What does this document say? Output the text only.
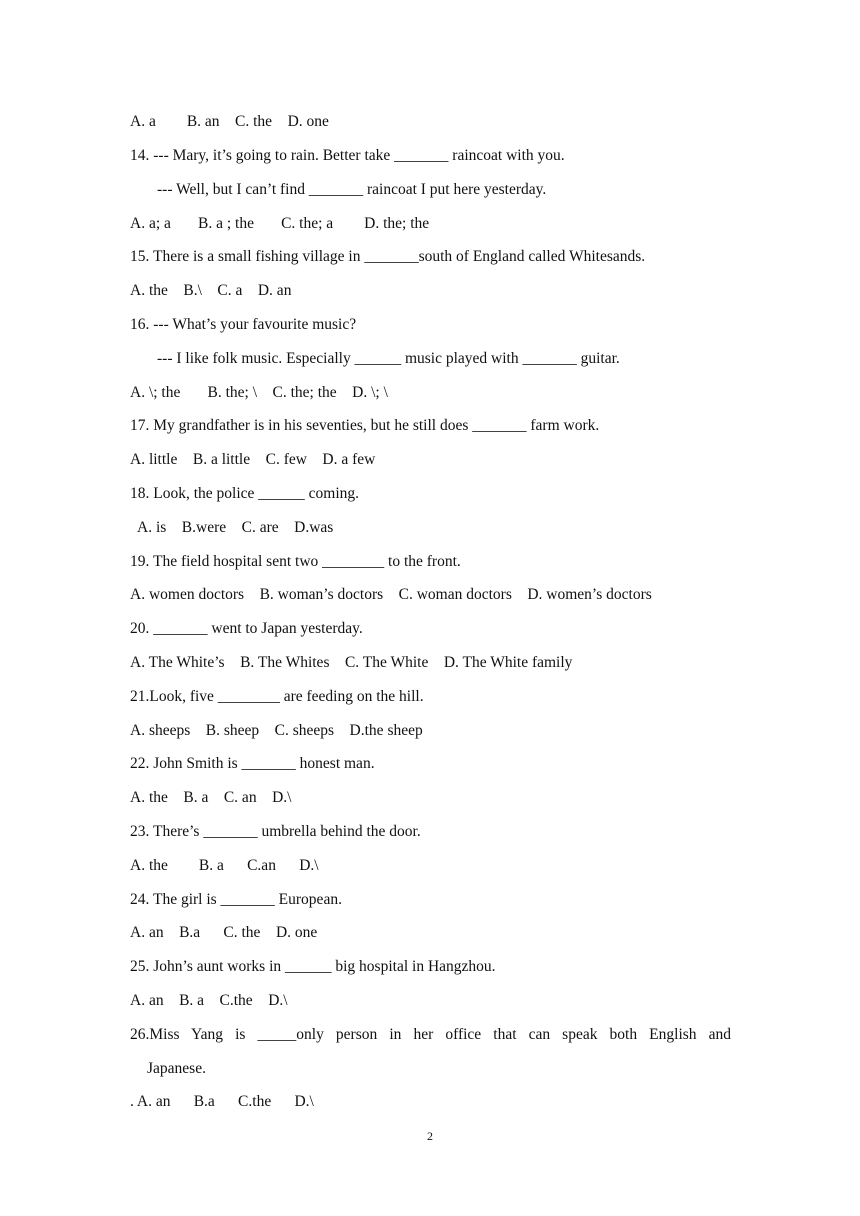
A. a        B. an    C. the    D. one
14. --- Mary, it’s going to rain. Better take _______ raincoat with you.
--- Well, but I can’t find _______ raincoat I put here yesterday.
A. a; a       B. a ; the       C. the; a        D. the; the
15. There is a small fishing village in _______south of England called Whitesands.
A. the    B.\    C. a    D. an
16. --- What’s your favourite music?
--- I like folk music. Especially ______ music played with _______ guitar.
A. \; the       B. the; \    C. the; the    D. \; \
17. My grandfather is in his seventies, but he still does _______ farm work.
A. little    B. a little    C. few    D. a few
18. Look, the police ______ coming.
A. is    B.were    C. are    D.was
19. The field hospital sent two ________ to the front.
A. women doctors    B. woman’s doctors    C. woman doctors    D. women’s doctors
20. _______ went to Japan yesterday.
A. The White’s    B. The Whites    C. The White    D. The White family
21.Look, five ________ are feeding on the hill.
A. sheeps    B. sheep    C. sheeps    D.the sheep
22. John Smith is _______ honest man.
A. the    B. a    C. an    D.\
23. There’s _______ umbrella behind the door.
A. the        B. a      C.an      D.\
24. The girl is _______ European.
A. an    B.a      C. the    D. one
25. John’s aunt works in ______ big hospital in Hangzhou.
A. an    B. a    C.the    D.\
26.Miss Yang is _____only person in her office that can speak both English and
Japanese.
. A. an      B.a      C.the      D.\
2
